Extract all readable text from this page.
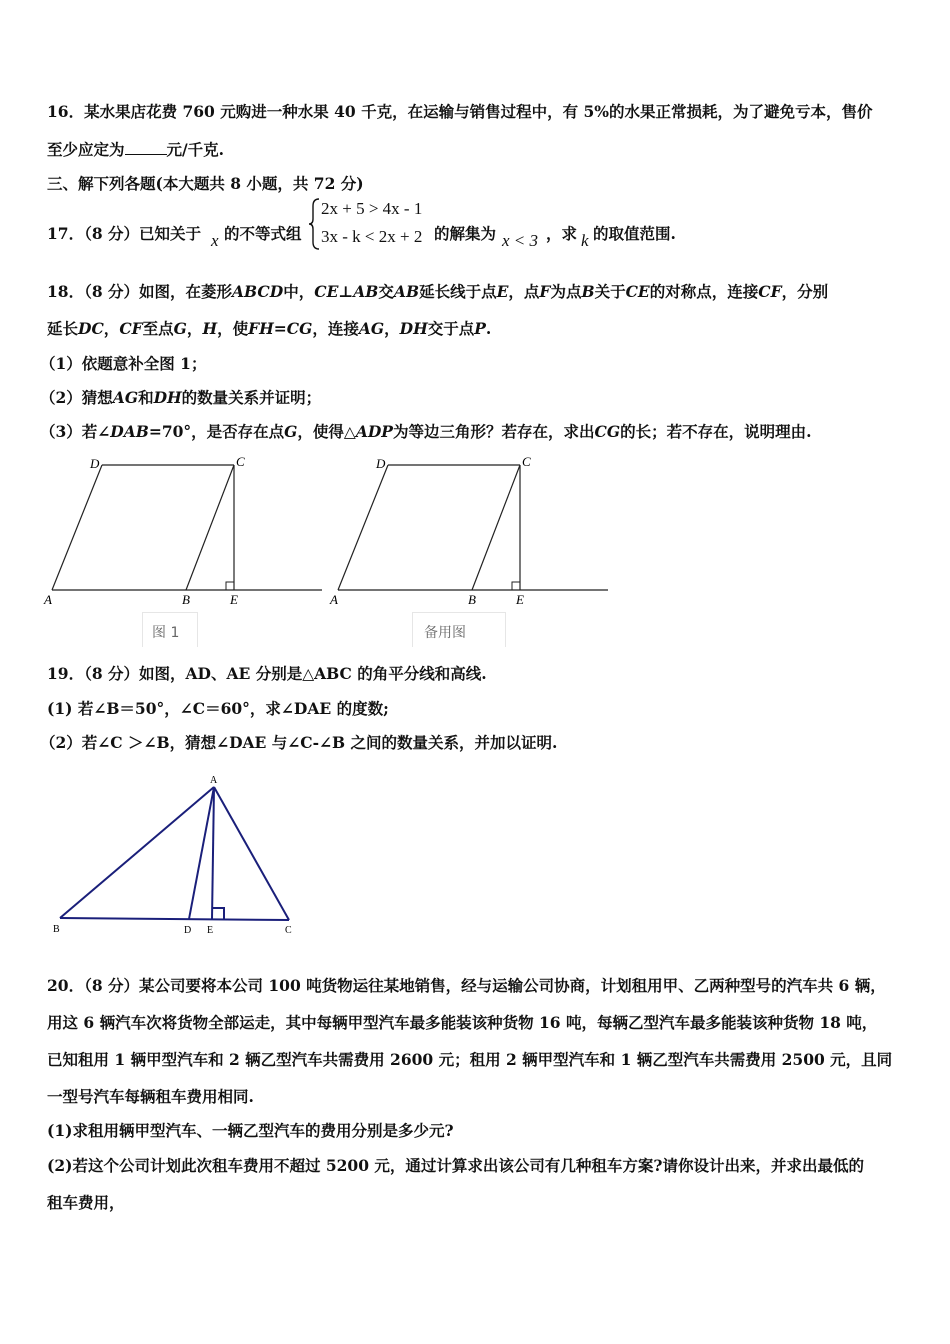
16．某水果店花费 760 元购进一种水果 40 千克，在运输与销售过程中，有 5%的水果正常损耗，为了避免亏本，售价
至少应定为	元/千克.
三、解下列各题(本大题共 8 小题，共 72 分)
17．（8 分）已知关于 x 的不等式组
2x + 5 > 4x - 1
3x - k < 2x + 2 的解集为 x < 3 ，求 k 的取值范围.
18．（8 分）如图，在菱形ABCD中，CE⊥AB交AB延长线于点E，点F为点B关于CE的对称点，连接CF，分别
延长DC，CF至点G，H，使FH=CG，连接AG，DH交于点P.
（1）依题意补全图 1；
（2）猜想AG和DH的数量关系并证明；
（3）若∠DAB=70°，是否存在点G，使得△ADP为等边三角形？若存在，求出CG的长；若不存在，说明理由.
D	C
A	B	E
图 1
D	C
A	B	E
备用图
19．（8 分）如图，AD、AE 分别是△ABC 的角平分线和高线.
(1) 若∠B＝50°，∠C＝60°，求∠DAE 的度数;
（2）若∠C ＞∠B，猜想∠DAE 与∠C-∠B 之间的数量关系，并加以证明.
A
B	D E	C
20．（8 分）某公司要将本公司 100 吨货物运往某地销售，经与运输公司协商，计划租用甲、乙两种型号的汽车共 6 辆，
用这 6 辆汽车次将货物全部运走，其中每辆甲型汽车最多能装该种货物 16 吨，每辆乙型汽车最多能装该种货物 18 吨，
已知租用 1 辆甲型汽车和 2 辆乙型汽车共需费用 2600 元；租用 2 辆甲型汽车和 1 辆乙型汽车共需费用 2500 元，且同
一型号汽车每辆租车费用相同.
(1)求租用辆甲型汽车、一辆乙型汽车的费用分别是多少元?
(2)若这个公司计划此次租车费用不超过 5200 元，通过计算求出该公司有几种租车方案?请你设计出来，并求出最低的
租车费用，
